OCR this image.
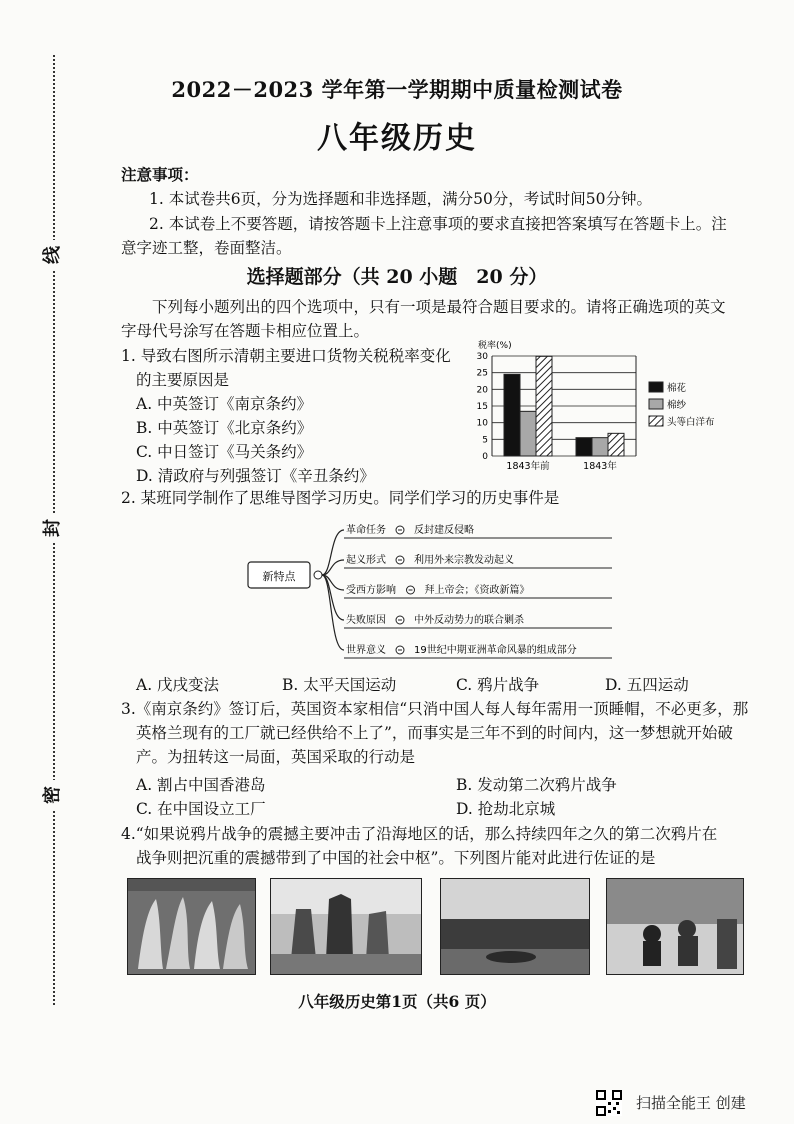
线
封
密
2022－2023 学年第一学期期中质量检测试卷
八年级历史
注意事项：
1. 本试卷共6页，分为选择题和非选择题，满分50分，考试时间50分钟。
2. 本试卷上不要答题，请按答题卡上注意事项的要求直接把答案填写在答题卡上。注
意字迹工整，卷面整洁。
选择题部分（共 20 小题　20 分）
下列每小题列出的四个选项中，只有一项是最符合题目要求的。请将正确选项的英文
字母代号涂写在答题卡相应位置上。
1. 导致右图所示清朝主要进口货物关税税率变化
的主要原因是
A. 中英签订《南京条约》
B. 中英签订《北京条约》
C. 中日签订《马关条约》
D. 清政府与列强签订《辛丑条约》
税率(%)
0
5
10
15
20
25
30
1843年前	1843年
棉花
棉纱
头等白洋布
2. 某班同学制作了思维导图学习历史。同学们学习的历史事件是
新特点
革命任务	反封建反侵略
起义形式	利用外来宗教发动起义
受西方影响	拜上帝会；《资政新篇》
失败原因	中外反动势力的联合剿杀
世界意义	19世纪中期亚洲革命风暴的组成部分
A. 戊戌变法	B. 太平天国运动	C. 鸦片战争	D. 五四运动
3.《南京条约》签订后，英国资本家相信“只消中国人每人每年需用一顶睡帽，不必更多，那
英格兰现有的工厂就已经供给不上了”，而事实是三年不到的时间内，这一梦想就开始破
产。为扭转这一局面，英国采取的行动是
A. 割占中国香港岛	B. 发动第二次鸦片战争
C. 在中国设立工厂	D. 抢劫北京城
4.“如果说鸦片战争的震撼主要冲击了沿海地区的话，那么持续四年之久的第二次鸦片在
战争则把沉重的震撼带到了中国的社会中枢”。下列图片能对此进行佐证的是
八年级历史第1页（共6 页）
扫描全能王 创建
